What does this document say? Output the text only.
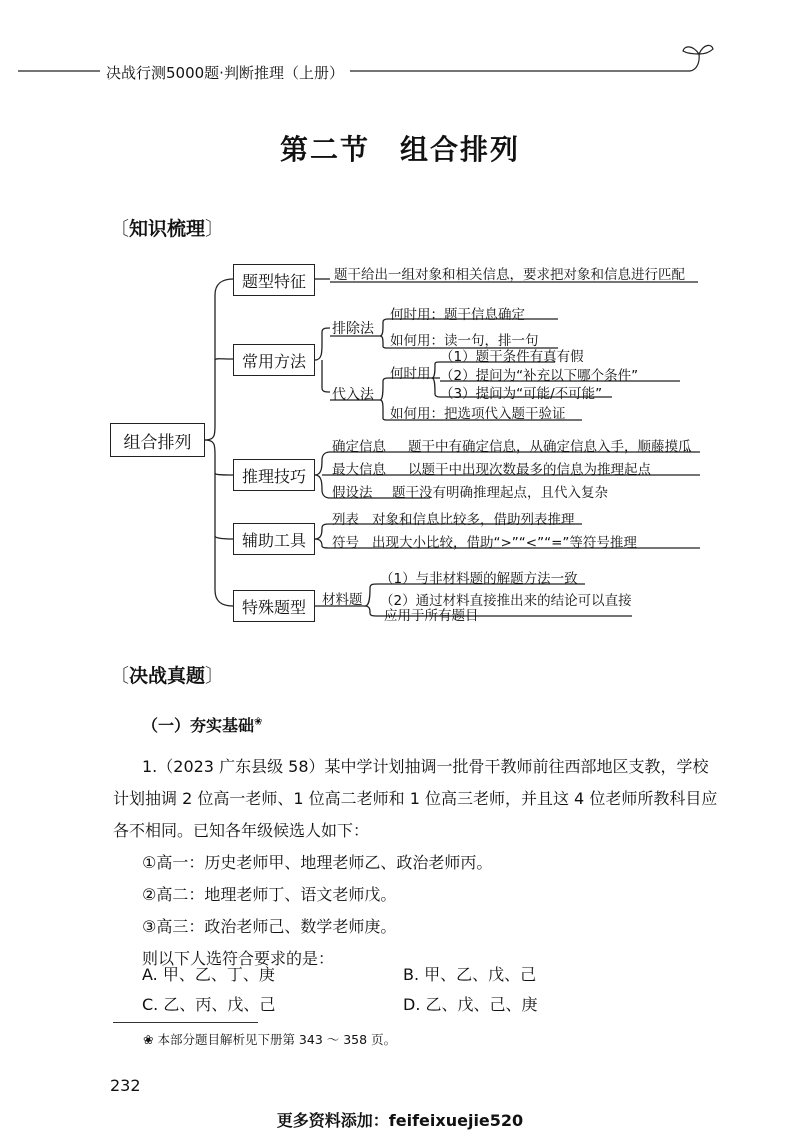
决战行测5000题·判断推理（上册）
第二节　组合排列
〔知识梳理〕
组合排列
题型特征
常用方法
推理技巧
辅助工具
特殊题型
题干给出一组对象和相关信息，要求把对象和信息进行匹配
排除法
何时用：题干信息确定
如何用：读一句，排一句
代入法
何时用
（1）题干条件有真有假
（2）提问为“补充以下哪个条件”
（3）提问为“可能/不可能”
如何用：把选项代入题干验证
确定信息 题干中有确定信息，从确定信息入手，顺藤摸瓜
最大信息 以题干中出现次数最多的信息为推理起点
假设法 题干没有明确推理起点，且代入复杂
列表 对象和信息比较多，借助列表推理
符号 出现大小比较，借助“>”“<”“=”等符号推理
材料题
（1）与非材料题的解题方法一致
（2）通过材料直接推出来的结论可以直接
应用于所有题目
〔决战真题〕
（一）夯实基础❀
1.（2023 广东县级 58）某中学计划抽调一批骨干教师前往西部地区支教，学校
计划抽调 2 位高一老师、1 位高二老师和 1 位高三老师，并且这 4 位老师所教科目应
各不相同。已知各年级候选人如下：
①高一：历史老师甲、地理老师乙、政治老师丙。
②高二：地理老师丁、语文老师戊。
③高三：政治老师己、数学老师庚。
则以下人选符合要求的是：
A. 甲、乙、丁、庚	B. 甲、乙、戊、己
C. 乙、丙、戊、己	D. 乙、戊、己、庚
❀ 本部分题目解析见下册第 343 ～ 358 页。
232
更多资料添加：feifeixuejie520
